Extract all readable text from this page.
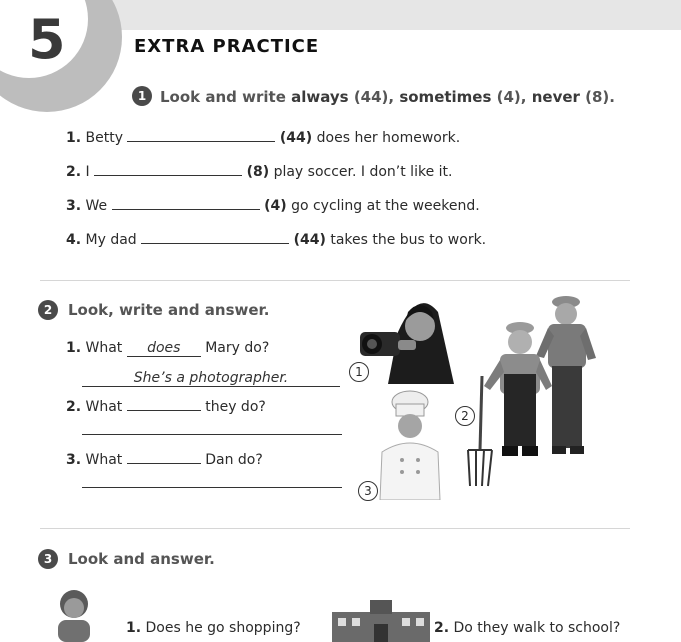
5	EXTRA PRACTICE
1 Look and write always (44), sometimes (4), never (8).
1. Betty	(44) does her homework.
2. I	(8) play soccer. I don’t like it.
3. We	(4) go cycling at the weekend.
4. My dad	(44) takes the bus to work.
2	Look, write and answer.
1. What does Mary do?
She’s a photographer.
2. What	they do?
3. What	Dan do?
1
2
3
3	Look and answer.
1. Does he go shopping?	2. Do they walk to school?
